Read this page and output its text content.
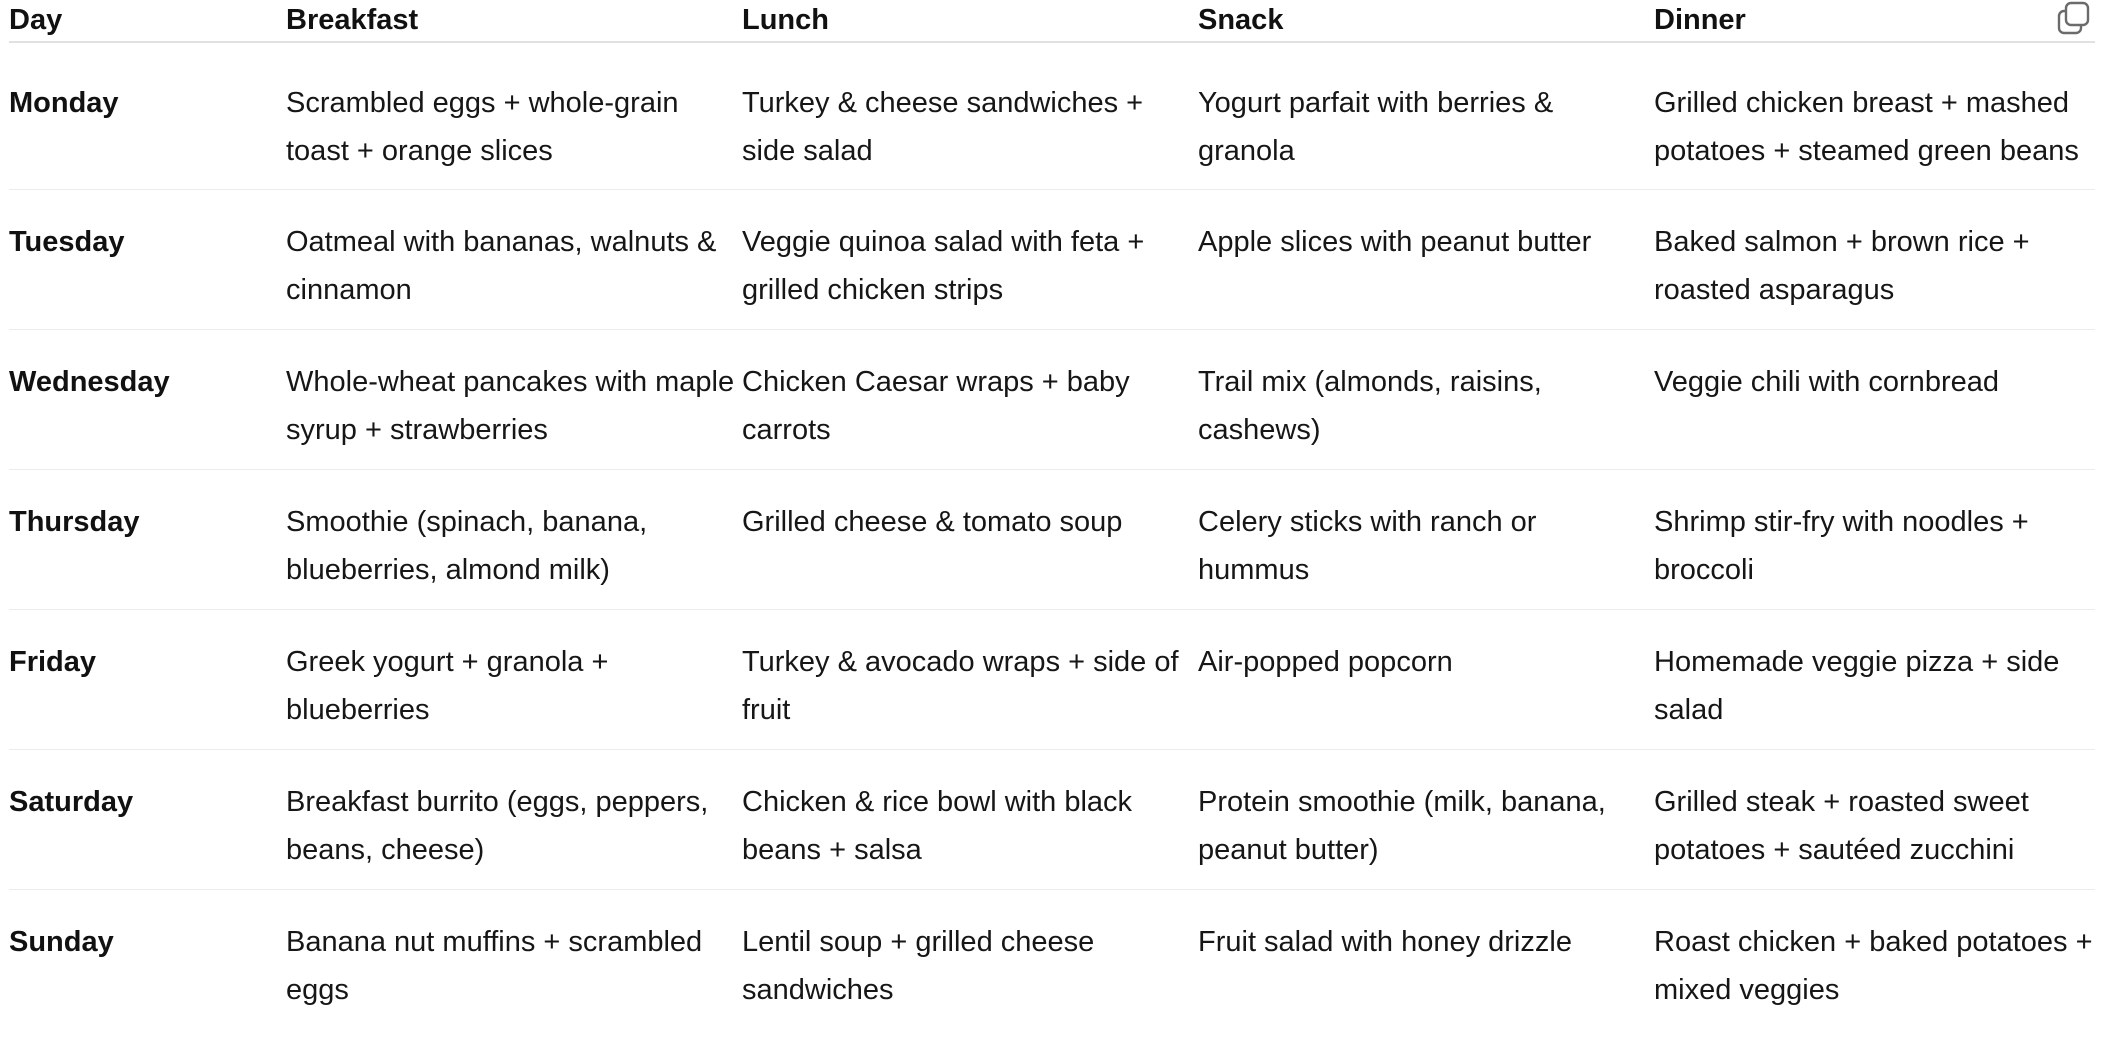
Day	Breakfast	Lunch	Snack	Dinner
Monday	Scrambled eggs + whole-grain toast + orange slices	Turkey & cheese sandwiches + side salad	Yogurt parfait with berries & granola	Grilled chicken breast + mashed potatoes + steamed green beans
Tuesday	Oatmeal with bananas, walnuts & cinnamon	Veggie quinoa salad with feta + grilled chicken strips	Apple slices with peanut butter	Baked salmon + brown rice + roasted asparagus
Wednesday	Whole-wheat pancakes with maple syrup + strawberries	Chicken Caesar wraps + baby carrots	Trail mix (almonds, raisins, cashews)	Veggie chili with cornbread
Thursday	Smoothie (spinach, banana, blueberries, almond milk)	Grilled cheese & tomato soup	Celery sticks with ranch or hummus	Shrimp stir-fry with noodles + broccoli
Friday	Greek yogurt + granola + blueberries	Turkey & avocado wraps + side of fruit	Air-popped popcorn	Homemade veggie pizza + side salad
Saturday	Breakfast burrito (eggs, peppers, beans, cheese)	Chicken & rice bowl with black beans + salsa	Protein smoothie (milk, banana, peanut butter)	Grilled steak + roasted sweet potatoes + sautéed zucchini
Sunday	Banana nut muffins + scrambled eggs	Lentil soup + grilled cheese sandwiches	Fruit salad with honey drizzle	Roast chicken + baked potatoes + mixed veggies
